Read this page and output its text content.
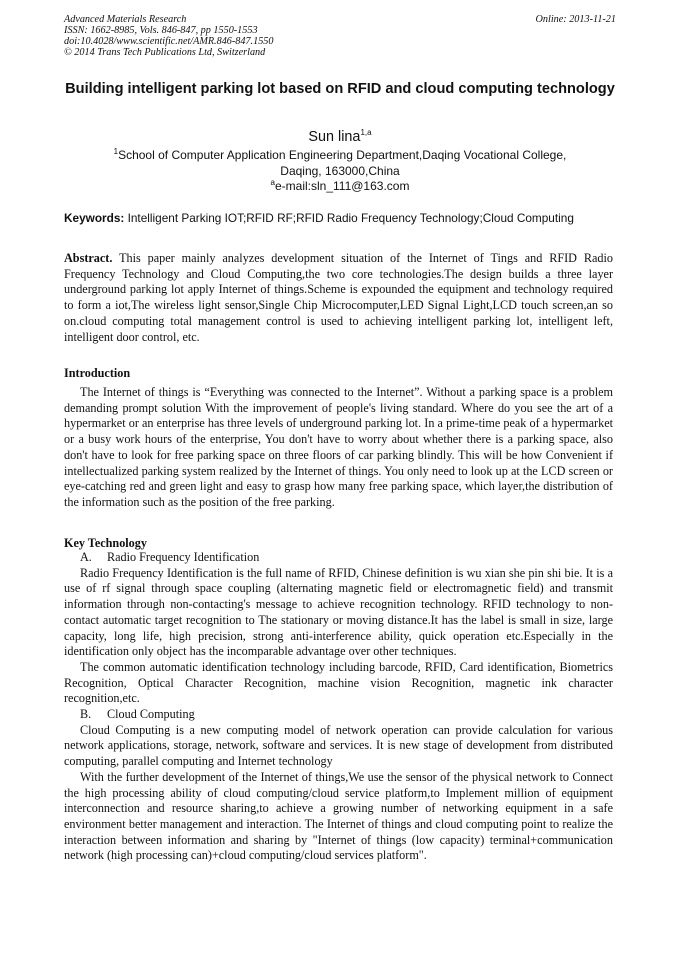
Advanced Materials Research
ISSN: 1662-8985, Vols. 846-847, pp 1550-1553
doi:10.4028/www.scientific.net/AMR.846-847.1550
© 2014 Trans Tech Publications Ltd, Switzerland
Online: 2013-11-21
Building intelligent parking lot based on RFID and cloud computing technology
Sun lina$^{1,a}$
$^1$School of Computer Application Engineering Department,Daqing Vocational College,
Daqing, 163000,China
$^a$e-mail:sln_111@163.com
Keywords: Intelligent Parking IOT;RFID RF;RFID Radio Frequency Technology;Cloud Computing
Abstract. This paper mainly analyzes development situation of the Internet of Tings and RFID Radio Frequency Technology and Cloud Computing,the two core technologies.The design builds a three layer underground parking lot apply Internet of things.Scheme is expounded the equipment and technology required to form a iot,The wireless light sensor,Single Chip Microcomputer,LED Signal Light,LCD touch screen,an so on.cloud computing total management control is used to achieving intelligent parking lot, intelligent left, intelligent door control, etc.
Introduction

The Internet of things is “Everything was connected to the Internet”. Without a parking space is a problem demanding prompt solution With the improvement of people's living standard. Where do you see the art of a hypermarket or an enterprise has three levels of underground parking lot. In a prime-time peak of a hypermarket or a busy work hours of the enterprise, You don't have to worry about whether there is a parking space, also don't have to look for free parking space on three floors of car parking blindly. This will be how Convenient if intellectualized parking system realized by the Internet of things. You only need to look up at the LCD screen or eye-catching red and green light and easy to grasp how many free parking space, which layer,the distribution of the information such as the position of the free parking.

Key Technology

A. Radio Frequency Identification

Radio Frequency Identification is the full name of RFID, Chinese definition is wu xian she pin shi bie. It is a use of rf signal through space coupling (alternating magnetic field or electromagnetic field) and transmit information through non-contacting's message to achieve recognition technology. RFID technology to non-contact automatic target recognition to The stationary or moving distance.It has the label is small in size, large capacity, long life, high precision, strong anti-interference ability, quick operation etc.Especially in the identification only object has the incomparable advantage over other techniques.

The common automatic identification technology including barcode, RFID, Card identification, Biometrics Recognition, Optical Character Recognition, machine vision Recognition, magnetic ink character recognition,etc.

B. Cloud Computing

Cloud Computing is a new computing model of network operation can provide calculation for various network applications, storage, network, software and services. It is new stage of development from distributed computing, parallel computing and Internet technology

With the further development of the Internet of things,We use the sensor of the physical network to Connect the high processing ability of cloud computing/cloud service platform,to Implement million of equipment interconnection and resource sharing,to achieve a growing number of networking equipment in a safe environment better management and interaction. The Internet of things and cloud computing point to realize the interaction between information and sharing by "Internet of things (low capacity) terminal+communication network (high processing can)+cloud computing/cloud services platform".
